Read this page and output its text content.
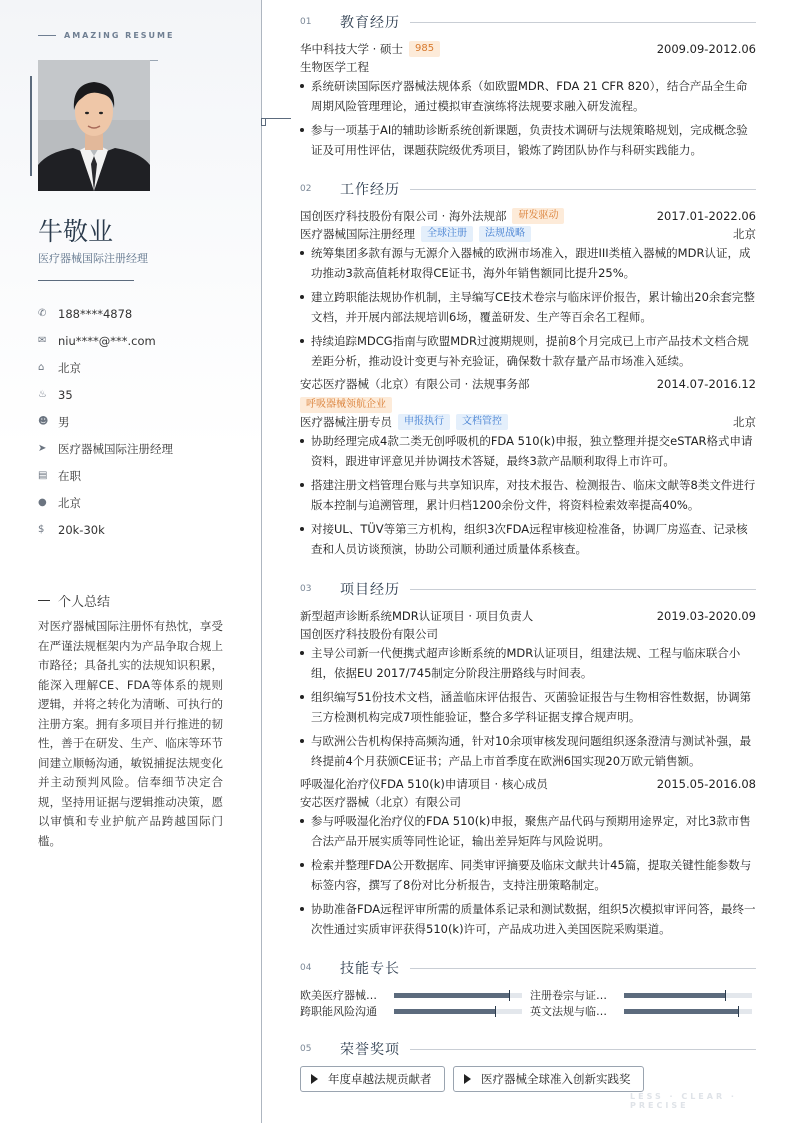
AMAZING RESUME
牛敬业
医疗器械国际注册经理
✆	188****4878
✉	niu****@***.com
⌂	北京
♨ 35
☻ 男
➤	医疗器械国际注册经理
▤ 在职
● 北京
$	20k-30k
个人总结
对医疗器械国际注册怀有热忱，享受在严谨法规框架内为产品争取合规上市路径；具备扎实的法规知识积累，能深入理解CE、FDA等体系的规则逻辑，并将之转化为清晰、可执行的注册方案。拥有多项目并行推进的韧性，善于在研发、生产、临床等环节间建立顺畅沟通，敏锐捕捉法规变化并主动预判风险。信奉细节决定合规，坚持用证据与逻辑推动决策，愿以审慎和专业护航产品跨越国际门槛。
01	教育经历
华中科技大学 · 硕士	985	2009.09-2012.06
生物医学工程
系统研读国际医疗器械法规体系（如欧盟MDR、FDA 21 CFR 820），结合产品全生命周期风险管理理论，通过模拟审查演练将法规要求融入研发流程。
参与一项基于AI的辅助诊断系统创新课题，负责技术调研与法规策略规划，完成概念验证及可用性评估，课题获院级优秀项目，锻炼了跨团队协作与科研实践能力。
02	工作经历
国创医疗科技股份有限公司 · 海外法规部	研发驱动	2017.01-2022.06
医疗器械国际注册经理	全球注册	法规战略	北京
统筹集团多款有源与无源介入器械的欧洲市场准入，跟进III类植入器械的MDR认证，成功推动3款高值耗材取得CE证书，海外年销售额同比提升25%。
建立跨职能法规协作机制，主导编写CE技术卷宗与临床评价报告，累计输出20余套完整文档，并开展内部法规培训6场，覆盖研发、生产等百余名工程师。
持续追踪MDCG指南与欧盟MDR过渡期规则，提前8个月完成已上市产品技术文档合规差距分析，推动设计变更与补充验证，确保数十款存量产品市场准入延续。
安芯医疗器械（北京）有限公司 · 法规事务部	2014.07-2016.12
呼吸器械领航企业
医疗器械注册专员	申报执行	文档管控	北京
协助经理完成4款二类无创呼吸机的FDA 510(k)申报，独立整理并提交eSTAR格式申请资料，跟进审评意见并协调技术答疑，最终3款产品顺利取得上市许可。
搭建注册文档管理台账与共享知识库，对技术报告、检测报告、临床文献等8类文件进行版本控制与追溯管理，累计归档1200余份文件，将资料检索效率提高40%。
对接UL、TÜV等第三方机构，组织3次FDA远程审核迎检准备，协调厂房巡查、记录核查和人员访谈预演，协助公司顺利通过质量体系核查。
03	项目经历
新型超声诊断系统MDR认证项目 · 项目负责人	2019.03-2020.09
国创医疗科技股份有限公司
主导公司新一代便携式超声诊断系统的MDR认证项目，组建法规、工程与临床联合小组，依据EU 2017/745制定分阶段注册路线与时间表。
组织编写51份技术文档，涵盖临床评估报告、灭菌验证报告与生物相容性数据，协调第三方检测机构完成7项性能验证，整合多学科证据支撑合规声明。
与欧洲公告机构保持高频沟通，针对10余项审核发现问题组织逐条澄清与测试补强，最终提前4个月获颁CE证书；产品上市首季度在欧洲6国实现20万欧元销售额。
呼吸湿化治疗仪FDA 510(k)申请项目 · 核心成员	2015.05-2016.08
安芯医疗器械（北京）有限公司
参与呼吸湿化治疗仪的FDA 510(k)申报，聚焦产品代码与预期用途界定，对比3款市售合法产品开展实质等同性论证，输出差异矩阵与风险说明。
检索并整理FDA公开数据库、同类审评摘要及临床文献共计45篇，提取关键性能参数与标签内容，撰写了8份对比分析报告，支持注册策略制定。
协助准备FDA远程评审所需的质量体系记录和测试数据，组织5次模拟审评问答，最终一次性通过实质审评获得510(k)许可，产品成功进入美国医院采购渠道。
04	技能专长
欧美医疗器械…	注册卷宗与证…
跨职能风险沟通	英文法规与临…
05	荣誉奖项
年度卓越法规贡献者	医疗器械全球准入创新实践奖
LESS · CLEAR · PRECISE
